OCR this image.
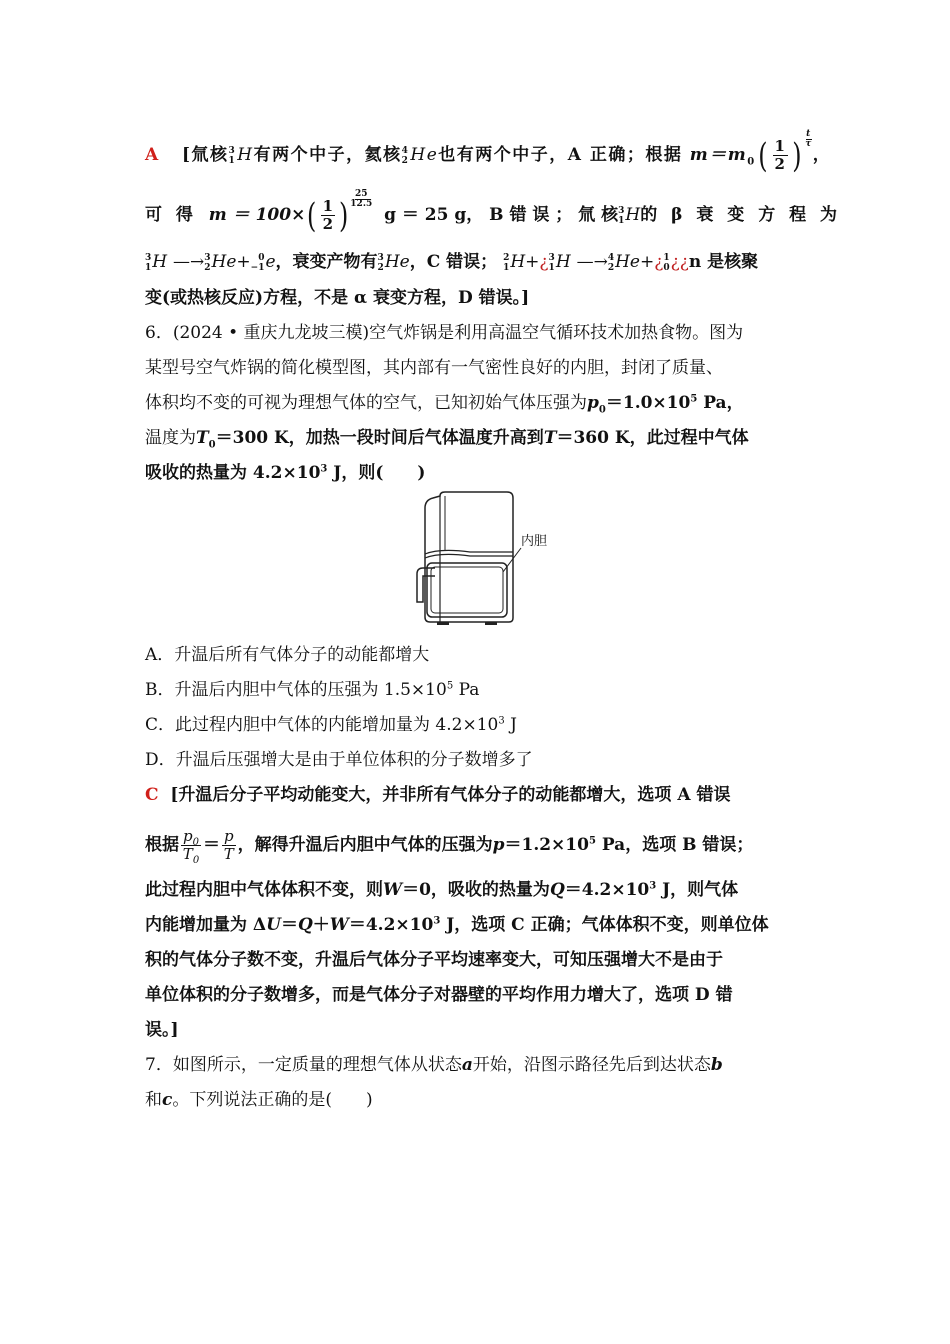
A [氚核 3
1 H有两个中子，氦核 4
2 He也有两个中子，A 正确；根据 $m=m_0( \frac{1}{2}$ ) $\frac{t}{\tau}$
，
可 得 $m = 100\times( \frac{1}{2}$ ) $\frac{25}{12.5}$
g ＝ 25 g， B 错 误 ； 氚 核 3
1 H的 β 衰 变 方 程 为
3
1 H —→ 3
2 He+ 0
−1 e，衰变产物有 3
2 He，C 错误； 2
1 H+¿ 3
1 H —→ 4
2 He+¿ 1
0 ¿¿n 是核聚
变(或热核反应)方程，不是 α 衰变方程，D 错误。]
6．(2024 • 重庆九龙坡三模)空气炸锅是利用高温空气循环技术加热食物。图为
某型号空气炸锅的简化模型图，其内部有一气密性良好的内胆，封闭了质量、
体积均不变的可视为理想气体的空气，已知初始气体压强为$p_0=1.0\times 10^5$ Pa，
温度为$T_0=300$ K，加热一段时间后气体温度升高到T＝360 K，此过程中气体
吸收的热量为 $4.2\times 10^3$ J，则(　　)
内胆
A．升温后所有气体分子的动能都增大
B．升温后内胆中气体的压强为 $1.5\times 10^5$ Pa
C．此过程内胆中气体的内能增加量为 $4.2\times 10^3$ J
D．升温后压强增大是由于单位体积的分子数增多了
C [升温后分子平均动能变大，并非所有气体分子的动能都增大，选项 A 错误
根据 $\frac{p_0}{T_0} = \frac{p}{T}$ ，解得升温后内胆中气体的压强为$p=1.2\times 10^5$ Pa，选项 B 错误；
此过程内胆中气体体积不变，则W＝0，吸收的热量为$Q=4.2\times 10^3$ J，则气体
内能增加量为 $\Delta U=Q+W=4.2\times 10^3$ J，选项 C 正确；气体体积不变，则单位体
积的气体分子数不变，升温后气体分子平均速率变大，可知压强增大不是由于
单位体积的分子数增多，而是气体分子对器壁的平均作用力增大了，选项 D 错
误。]
7．如图所示，一定质量的理想气体从状态a开始，沿图示路径先后到达状态b
和c。下列说法正确的是(　　)
